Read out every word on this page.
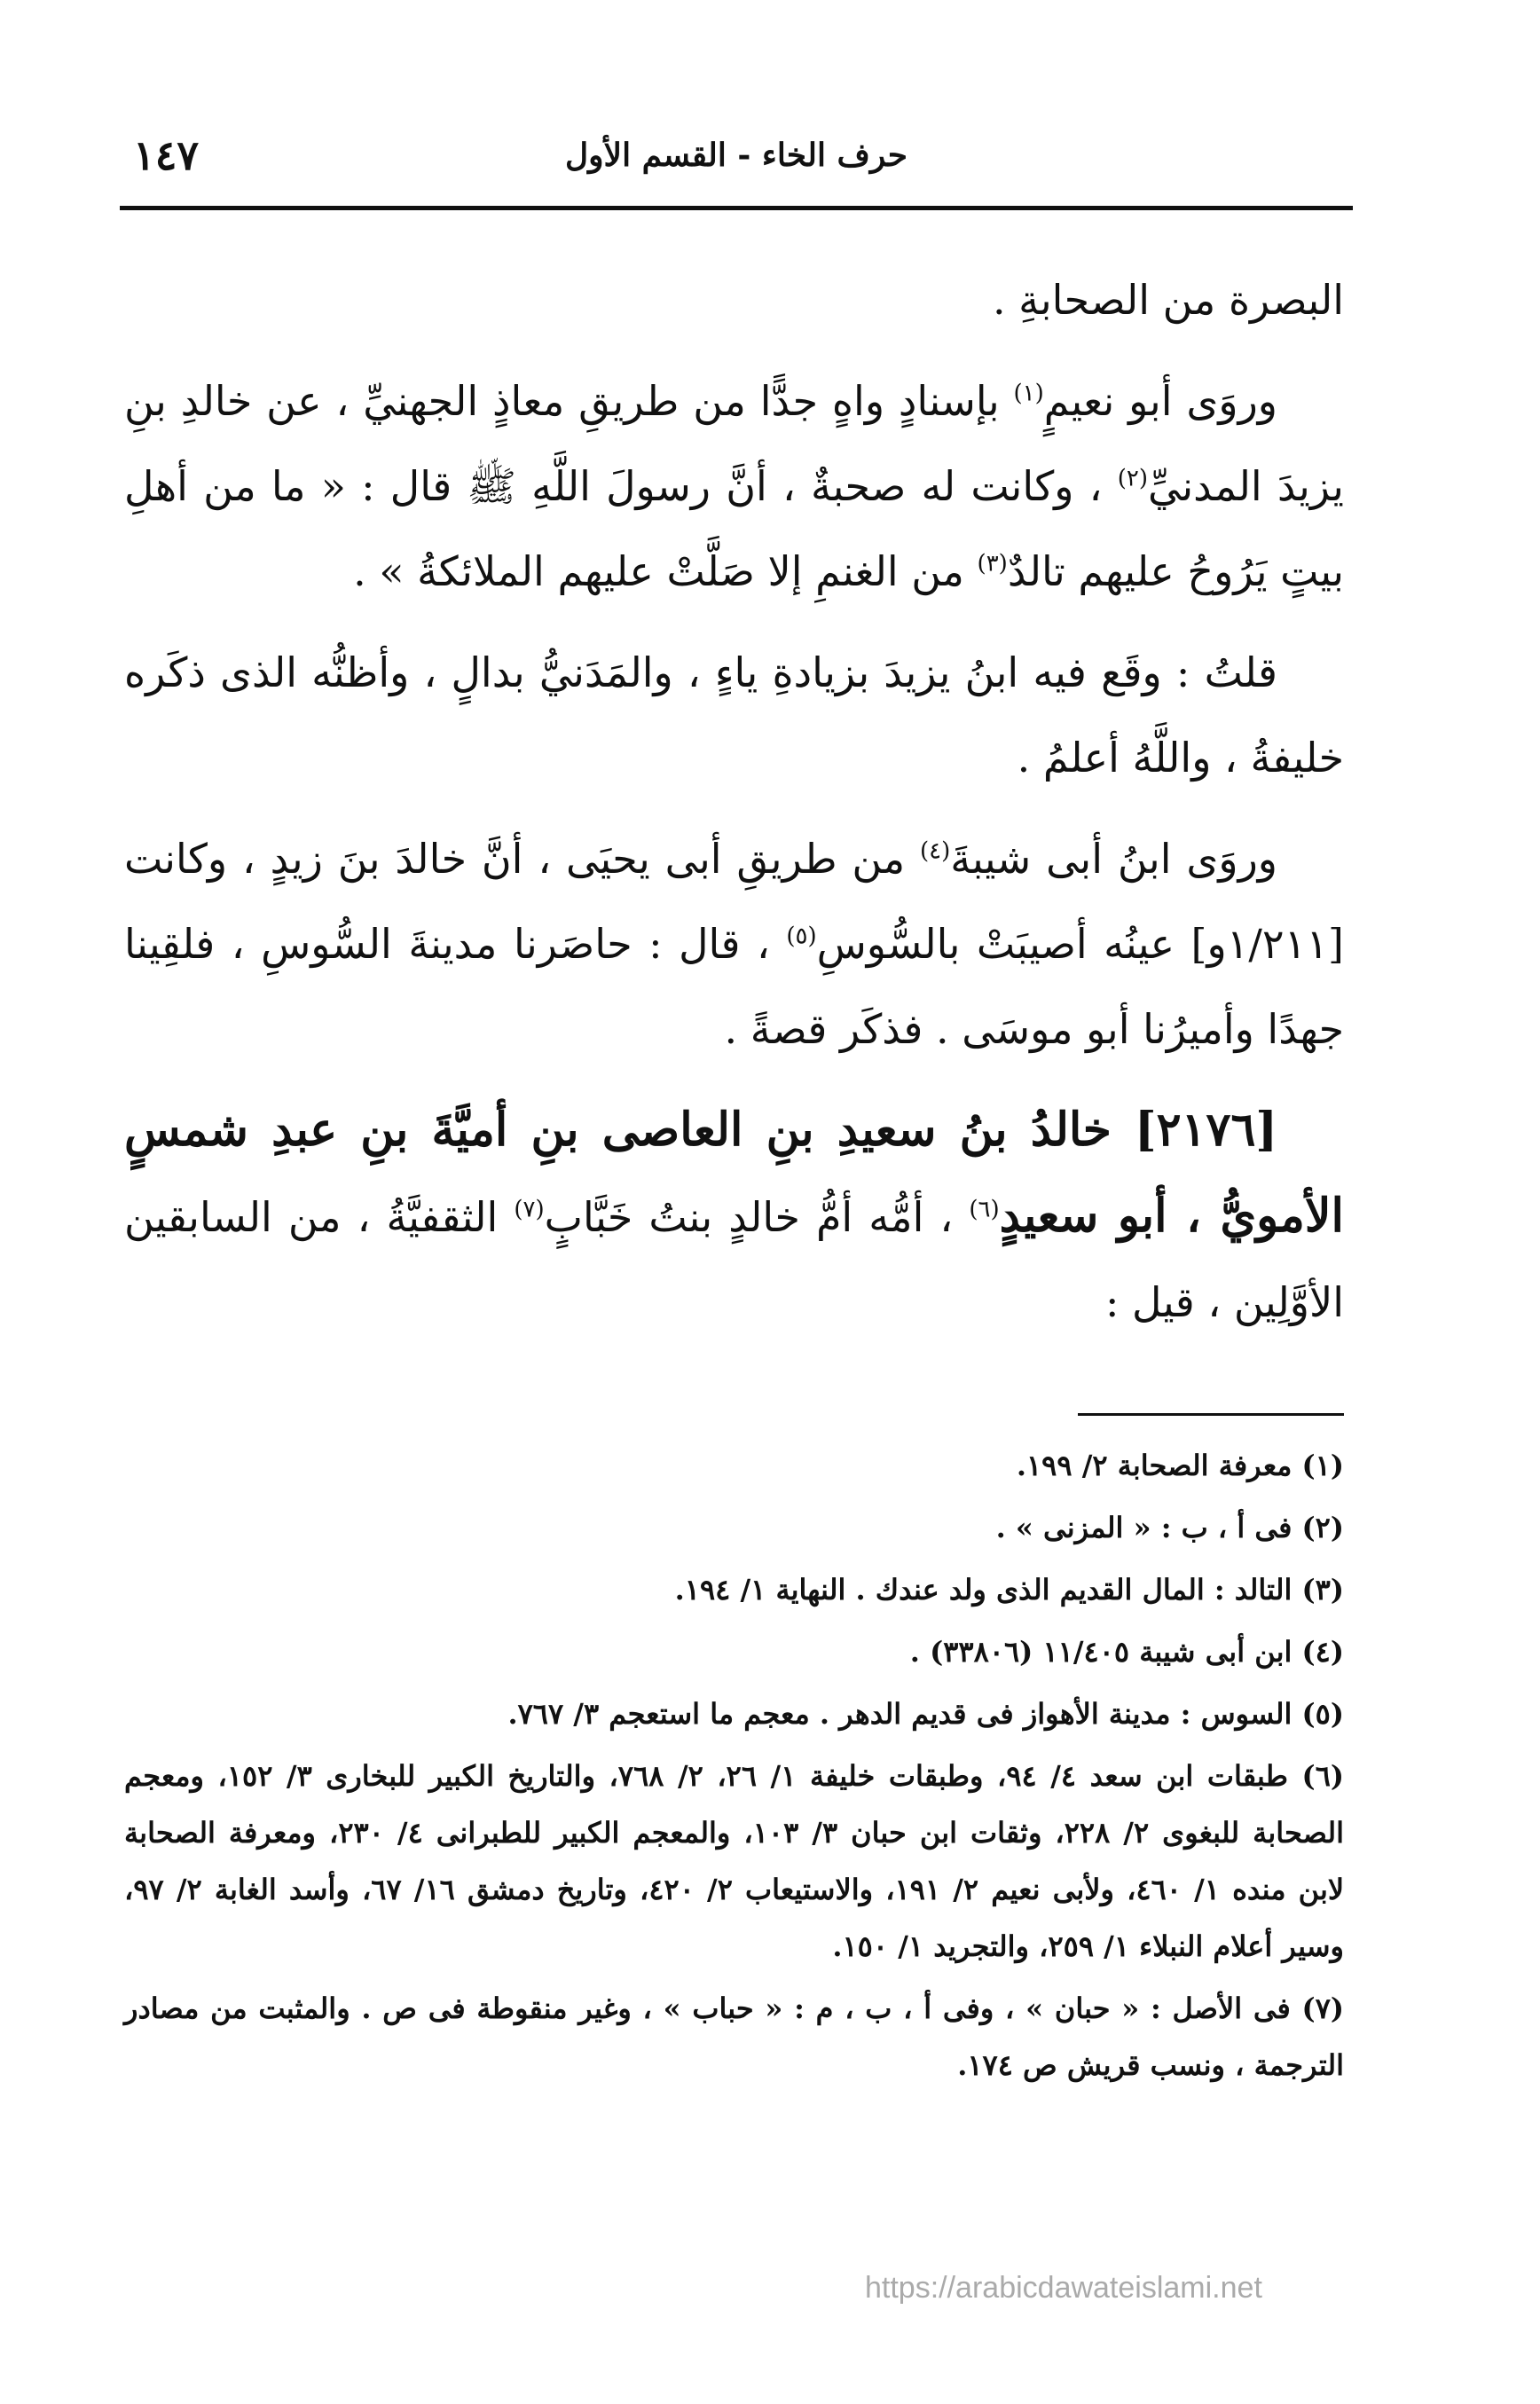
١٤٧	حرف الخاء - القسم الأول

البصرة من الصحابةِ .

وروَى أبو نعيمٍ$^{(١)}$ بإسنادٍ واهٍ جدًّا من طريقِ معاذٍ الجهنيِّ ، عن خالدِ بنِ يزيدَ المدنيِّ$^{(٢)}$ ، وكانت له صحبةٌ ، أنَّ رسولَ اللَّهِ ﷺ قال : « ما من أهلِ بيتٍ يَرُوحُ عليهم تالدٌ$^{(٣)}$ من الغنمِ إلا صَلَّتْ عليهم الملائكةُ » .

قلتُ : وقَع فيه ابنُ يزيدَ بزيادةِ ياءٍ ، والمَدَنيُّ بدالٍ ، وأظنُّه الذى ذكَره خليفةُ ، واللَّهُ أعلمُ .

وروَى ابنُ أبى شيبةَ$^{(٤)}$ من طريقِ أبى يحيَى ، أنَّ خالدَ بنَ زيدٍ ، وكانت [١/٢١١و] عينُه أصيبَتْ بالسُّوسِ$^{(٥)}$ ، قال : حاصَرنا مدينةَ السُّوسِ ، فلقِينا جهدًا وأميرُنا أبو موسَى . فذكَر قصةً .

[٢١٧٦] خالدُ بنُ سعيدِ بنِ العاصى بنِ أميَّةَ بنِ عبدِ شمسٍ الأمويُّ ، أبو سعيدٍ$^{(٦)}$ ، أمُّه أمُّ خالدٍ بنتُ خَبَّابٍ$^{(٧)}$ الثقفيَّةُ ، من السابقين الأوَّلِين ، قيل :

(١) معرفة الصحابة ٢/ ١٩٩.

(٢) فى أ ، ب : « المزنى » .

(٣) التالد : المال القديم الذى ولد عندك . النهاية ١/ ١٩٤.

(٤) ابن أبى شيبة ١١/٤٠٥ (٣٣٨٠٦) .

(٥) السوس : مدينة الأهواز فى قديم الدهر . معجم ما استعجم ٣/ ٧٦٧.

(٦) طبقات ابن سعد ٤/ ٩٤، وطبقات خليفة ١/ ٢٦، ٢/ ٧٦٨، والتاريخ الكبير للبخارى ٣/ ١٥٢، ومعجم الصحابة للبغوى ٢/ ٢٢٨، وثقات ابن حبان ٣/ ١٠٣، والمعجم الكبير للطبرانى ٤/ ٢٣٠، ومعرفة الصحابة لابن منده ١/ ٤٦٠، ولأبى نعيم ٢/ ١٩١، والاستيعاب ٢/ ٤٢٠، وتاريخ دمشق ١٦/ ٦٧، وأسد الغابة ٢/ ٩٧، وسير أعلام النبلاء ١/ ٢٥٩، والتجريد ١/ ١٥٠.

(٧) فى الأصل : « حبان » ، وفى أ ، ب ، م : « حباب » ، وغير منقوطة فى ص . والمثبت من مصادر الترجمة ، ونسب قريش ص ١٧٤.

https://arabicdawateislami.net
